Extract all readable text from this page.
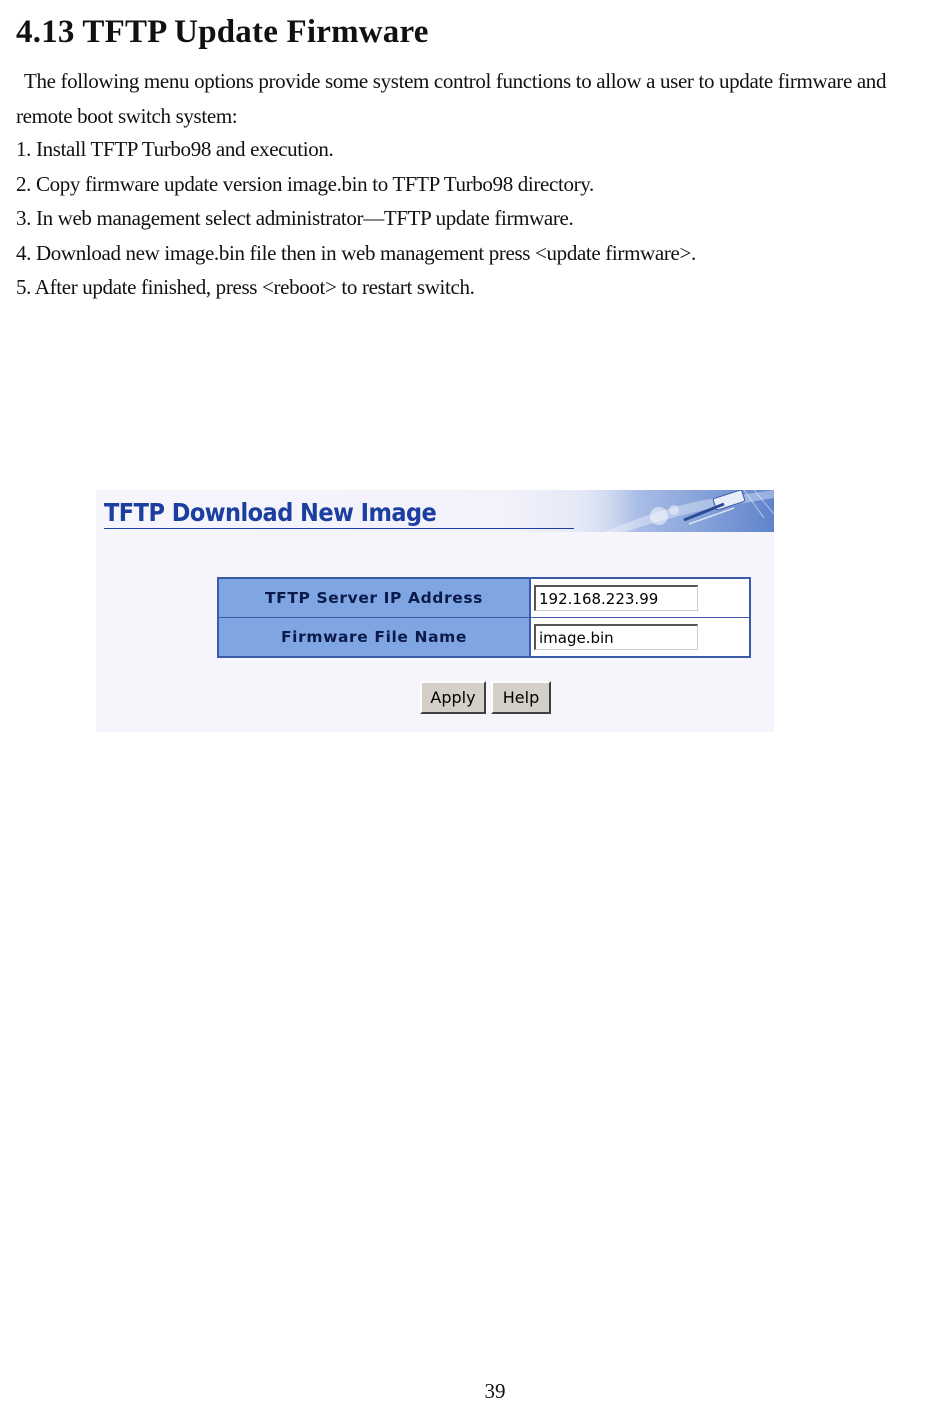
4.13 TFTP Update Firmware

The following menu options provide some system control functions to allow a user to update firmware and remote boot switch system:

1. Install TFTP Turbo98 and execution.
2. Copy firmware update version image.bin to TFTP Turbo98 directory.
3. In web management select administrator—TFTP update firmware.
4. Download new image.bin file then in web management press <update firmware>.
5. After update finished, press <reboot> to restart switch.
TFTP Download New Image
TFTP Server IP Address	192.168.223.99
Firmware File Name	image.bin
Apply	Help

39
